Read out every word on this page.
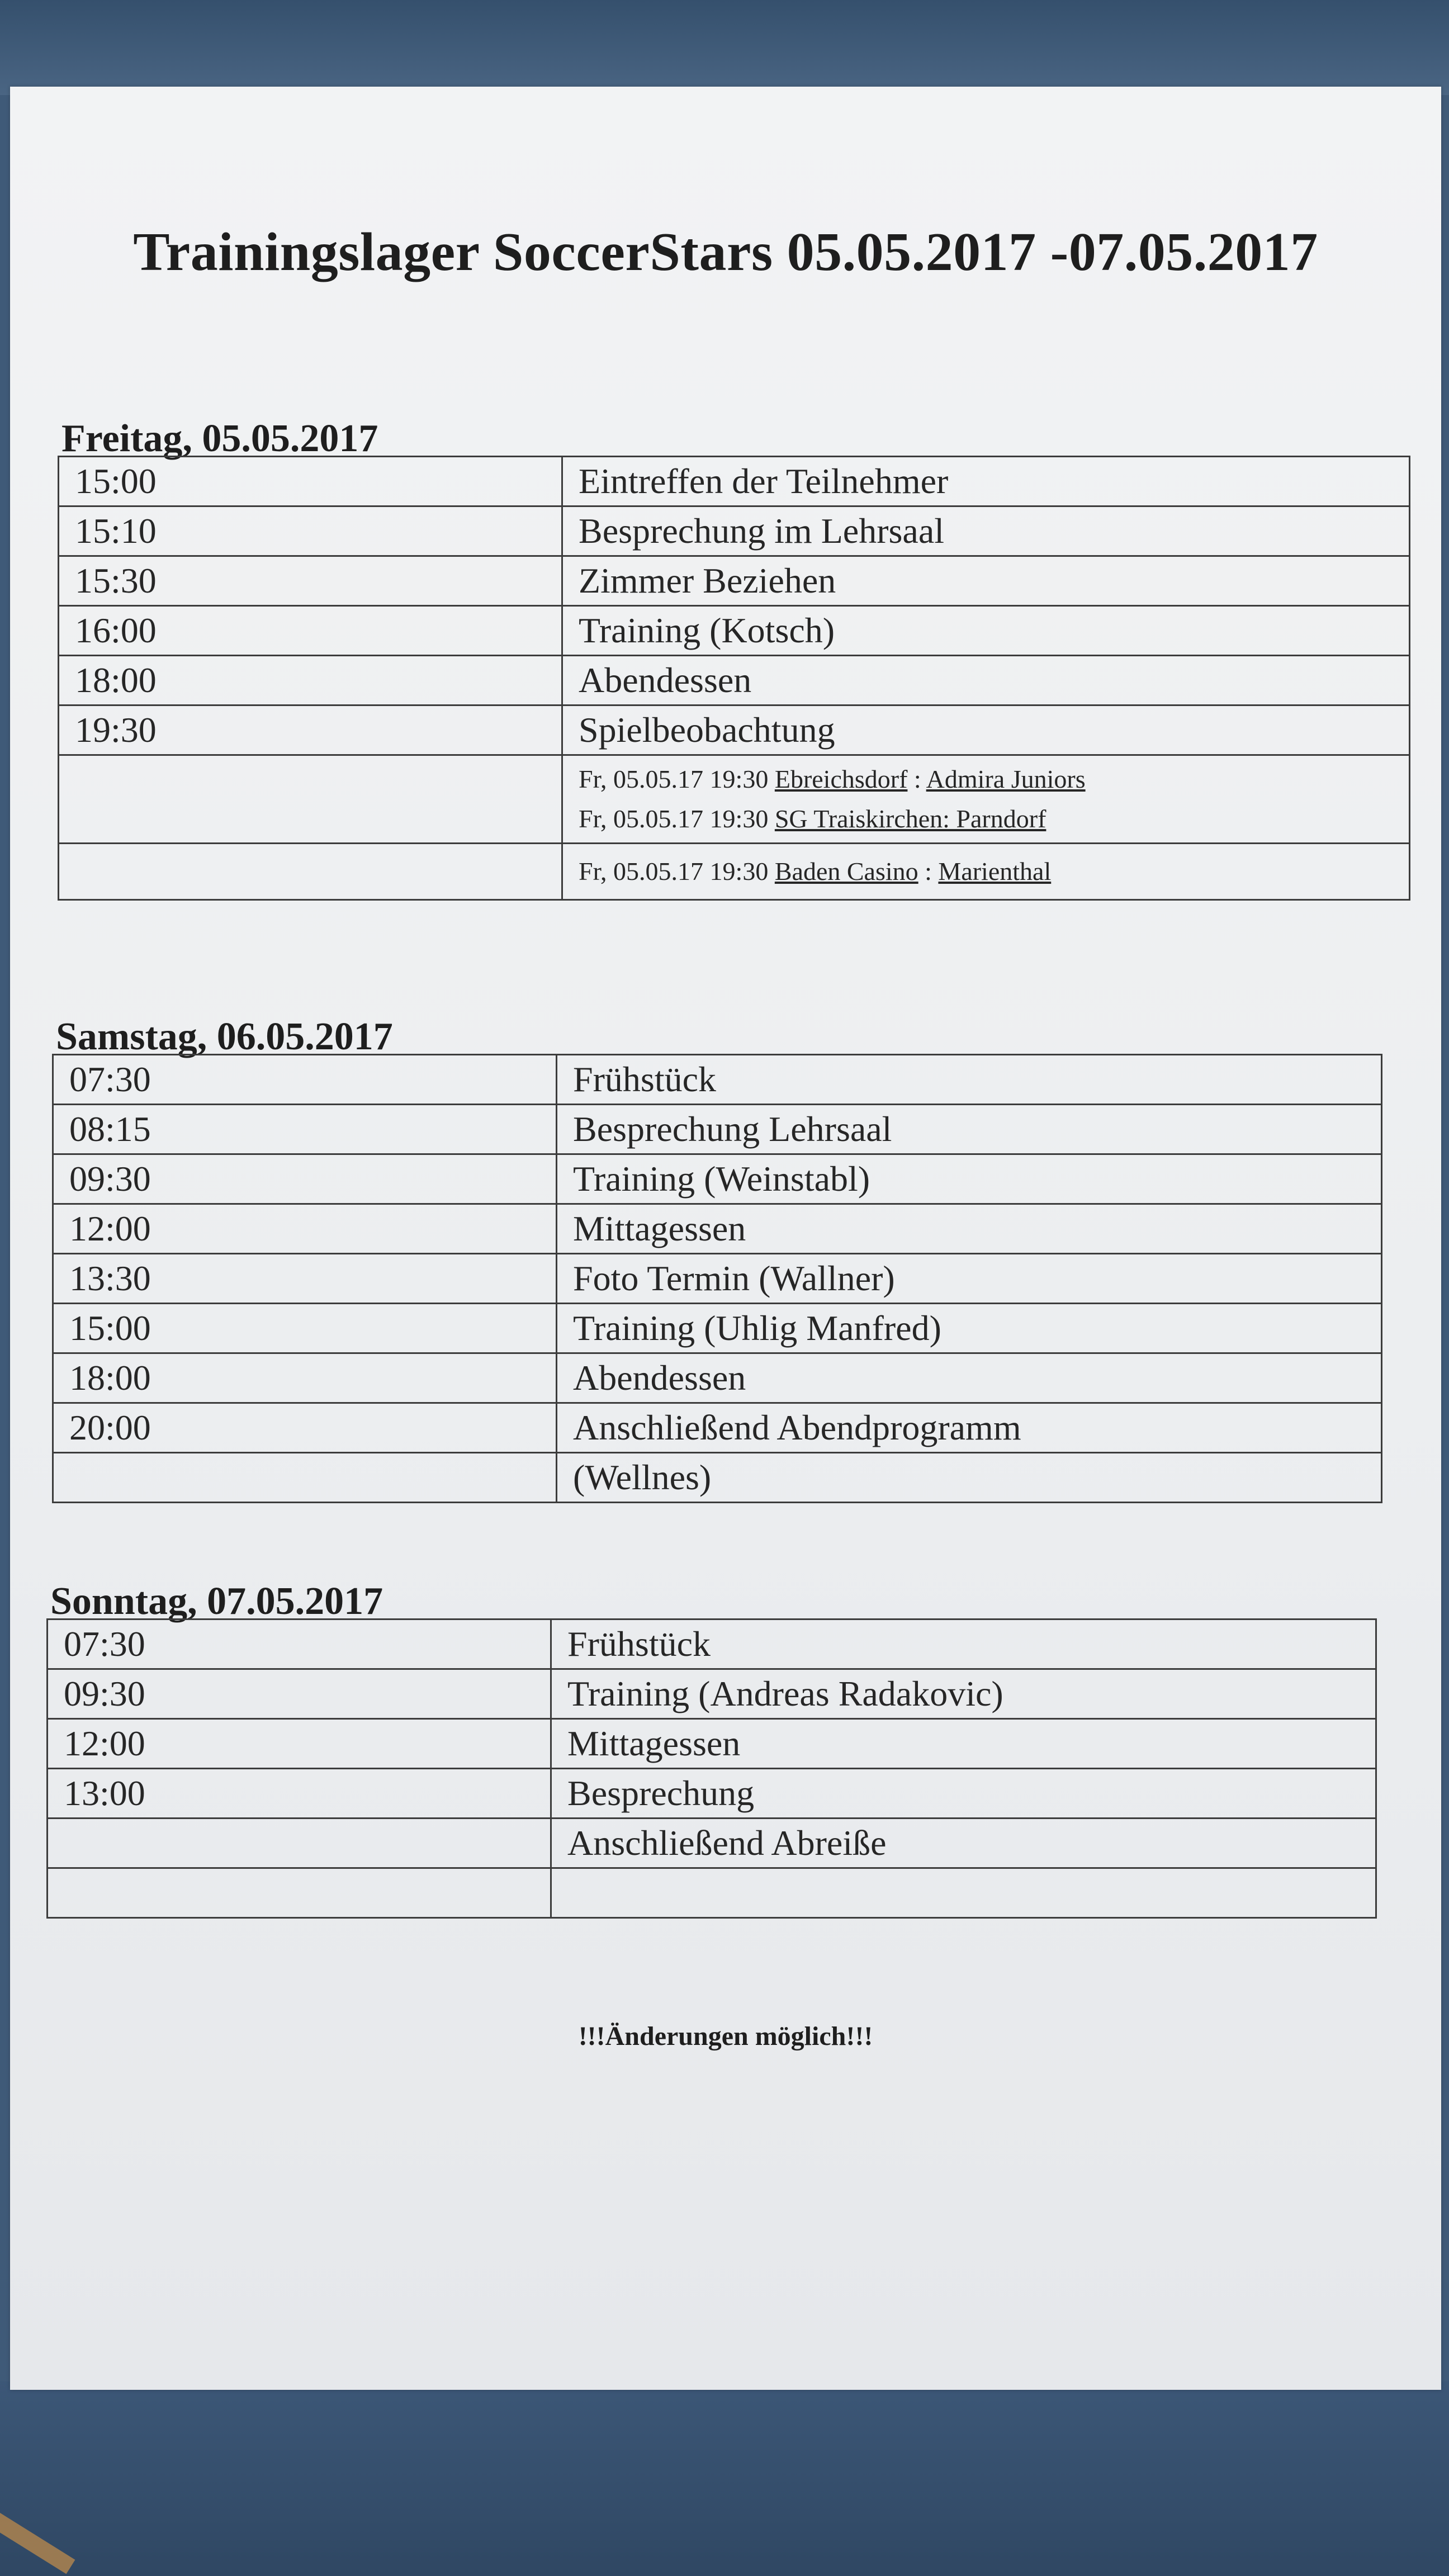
Trainingslager SoccerStars 05.05.2017 -07.05.2017
Freitag, 05.05.2017
15:00	Eintreffen der Teilnehmer
15:10	Besprechung im Lehrsaal
15:30	Zimmer Beziehen
16:00	Training (Kotsch)
18:00	Abendessen
19:30	Spielbeobachtung

	Fr, 05.05.17 19:30 Ebreichsdorf : Admira Juniors
Fr, 05.05.17 19:30 SG Traiskirchen: Parndorf

	Fr, 05.05.17 19:30 Baden Casino : Marienthal
Samstag, 06.05.2017
07:30	Frühstück
08:15	Besprechung Lehrsaal
09:30	Training (Weinstabl)
12:00	Mittagessen
13:30	Foto Termin (Wallner)
15:00	Training (Uhlig Manfred)
18:00	Abendessen
20:00	Anschließend Abendprogramm
	(Wellnes)
Sonntag, 07.05.2017
07:30	Frühstück
09:30	Training (Andreas Radakovic)
12:00	Mittagessen
13:00	Besprechung
	Anschließend Abreiße

!!!Änderungen möglich!!!
